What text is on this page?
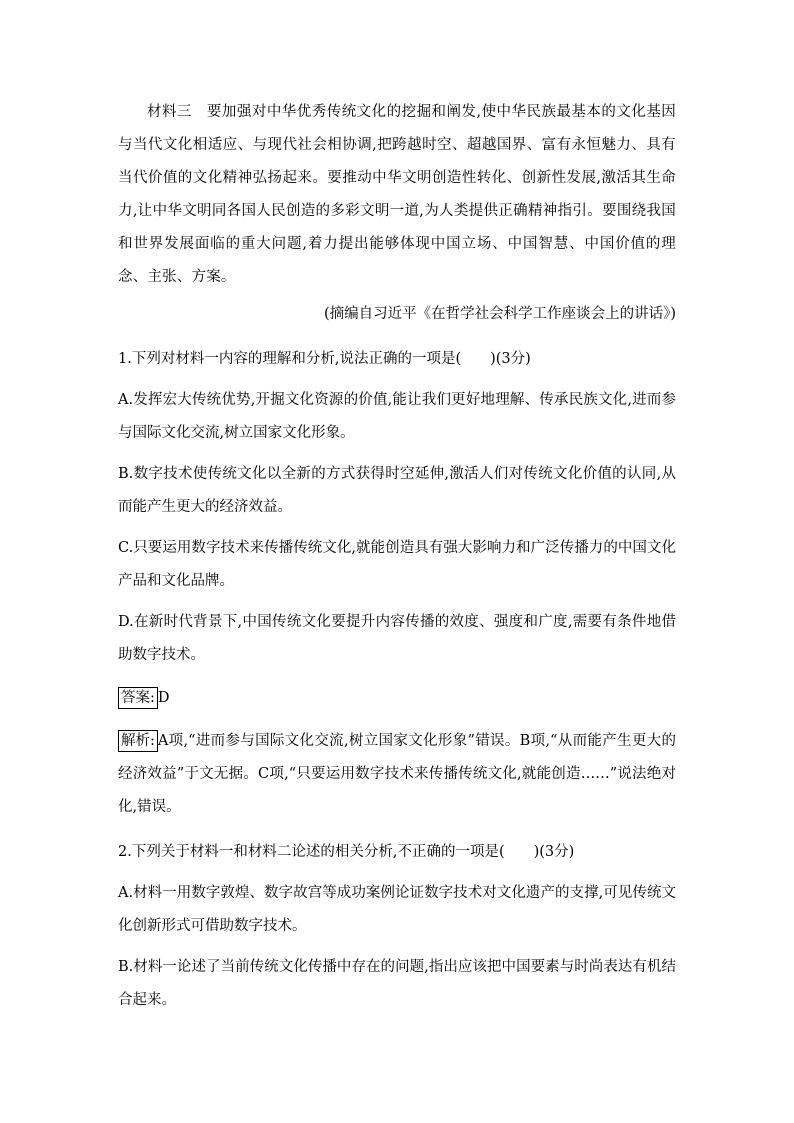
材料三　要加强对中华优秀传统文化的挖掘和阐发,使中华民族最基本的文化基因与当代文化相适应、与现代社会相协调,把跨越时空、超越国界、富有永恒魅力、具有当代价值的文化精神弘扬起来。要推动中华文明创造性转化、创新性发展,激活其生命力,让中华文明同各国人民创造的多彩文明一道,为人类提供正确精神指引。要围绕我国和世界发展面临的重大问题,着力提出能够体现中国立场、中国智慧、中国价值的理念、主张、方案。

(摘编自习近平《在哲学社会科学工作座谈会上的讲话》)

1.下列对材料一内容的理解和分析,说法正确的一项是(　　)(3分)

A.发挥宏大传统优势,开掘文化资源的价值,能让我们更好地理解、传承民族文化,进而参与国际文化交流,树立国家文化形象。

B.数字技术使传统文化以全新的方式获得时空延伸,激活人们对传统文化价值的认同,从而能产生更大的经济效益。

C.只要运用数字技术来传播传统文化,就能创造具有强大影响力和广泛传播力的中国文化产品和文化品牌。

D.在新时代背景下,中国传统文化要提升内容传播的效度、强度和广度,需要有条件地借助数字技术。

答案: D

解析: A项,“进而参与国际文化交流,树立国家文化形象”错误。B项,“从而能产生更大的经济效益”于文无据。C项,“只要运用数字技术来传播传统文化,就能创造……”说法绝对化,错误。

2.下列关于材料一和材料二论述的相关分析,不正确的一项是(　　)(3分)

A.材料一用数字敦煌、数字故宫等成功案例论证数字技术对文化遗产的支撑,可见传统文化创新形式可借助数字技术。

B.材料一论述了当前传统文化传播中存在的问题,指出应该把中国要素与时尚表达有机结合起来。
